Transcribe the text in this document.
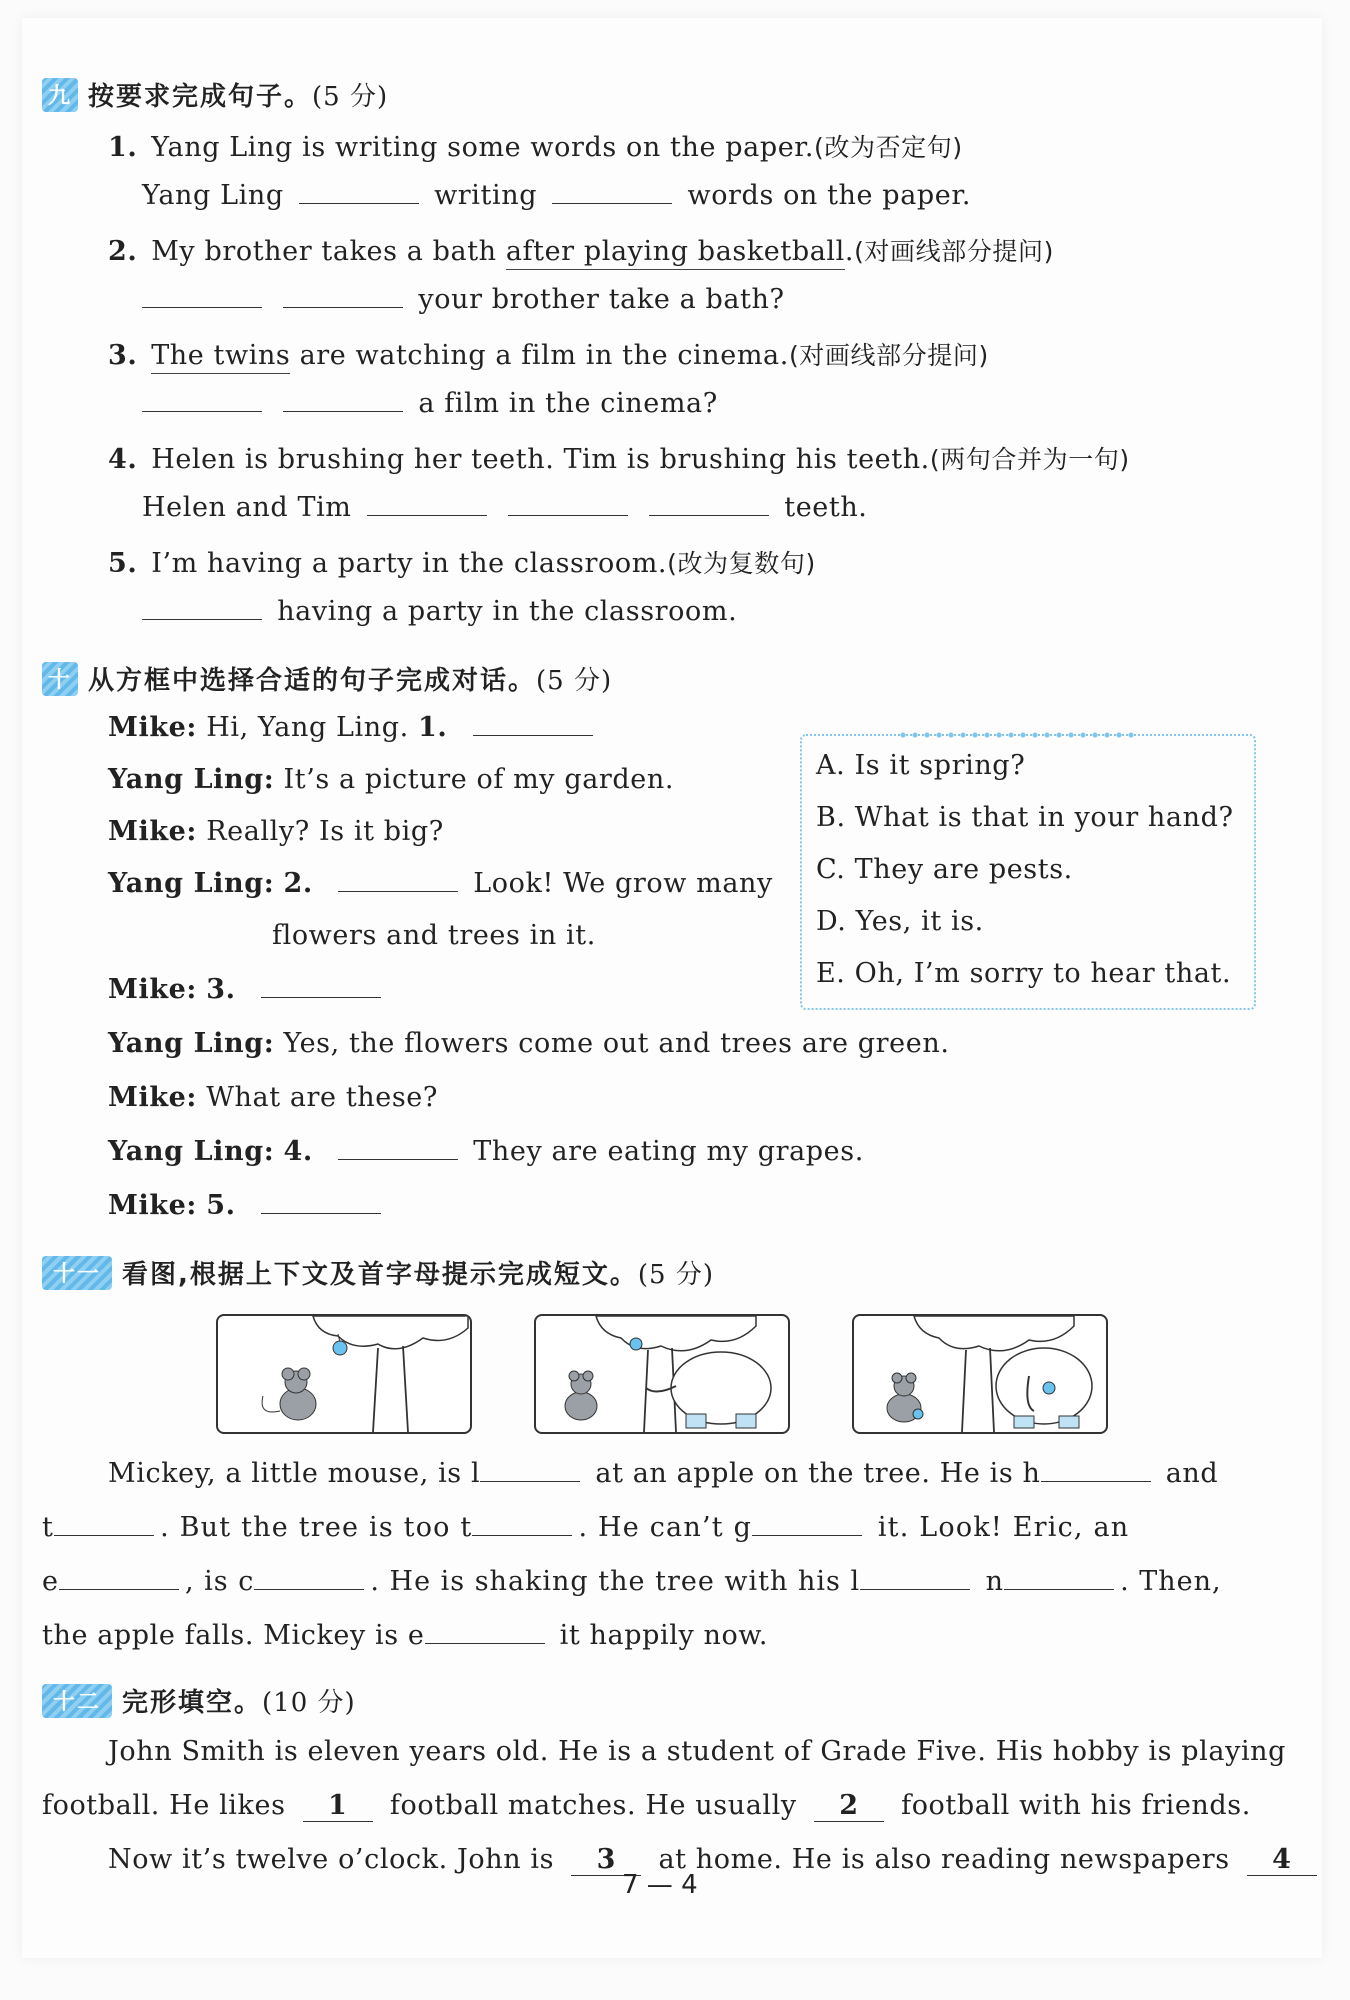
九 按要求完成句子。 (5 分)
1. Yang Ling is writing some words on the paper.(改为否定句)
Yang Ling	writing	words on the paper.
2. My brother takes a bath after playing basketball.(对画线部分提问)
your brother take a bath?
3. The twins are watching a film in the cinema.(对画线部分提问)
a film in the cinema?
4. Helen is brushing her teeth. Tim is brushing his teeth.(两句合并为一句)
Helen and Tim	teeth.
5. I’m having a party in the classroom.(改为复数句)
having a party in the classroom.
十 从方框中选择合适的句子完成对话。 (5 分)
Mike: Hi, Yang Ling. 1.
Yang Ling: It’s a picture of my garden.
Mike: Really? Is it big?
Yang Ling: 2.	Look! We grow many
flowers and trees in it.
Mike: 3.
Yang Ling: Yes, the flowers come out and trees are green.
Mike: What are these?
Yang Ling: 4.	They are eating my grapes.
Mike: 5.
A. Is it spring?
B. What is that in your hand?
C. They are pests.
D. Yes, it is.
E. Oh, I’m sorry to hear that.
十一 看图,根据上下文及首字母提示完成短文。 (5 分)
Mickey, a little mouse, is l	at an apple on the tree. He is h	and
t	. But the tree is too t	. He can’t g	it. Look! Eric, an
e	, is c	. He is shaking the tree with his l	n	. Then,
the apple falls. Mickey is e	it happily now.
十二 完形填空。 (10 分)
John Smith is eleven years old. He is a student of Grade Five. His hobby is playing
football. He likes 1 football matches. He usually 2 football with his friends.
Now it’s twelve o’clock. John is 3 at home. He is also reading newspapers 4
7 — 4
